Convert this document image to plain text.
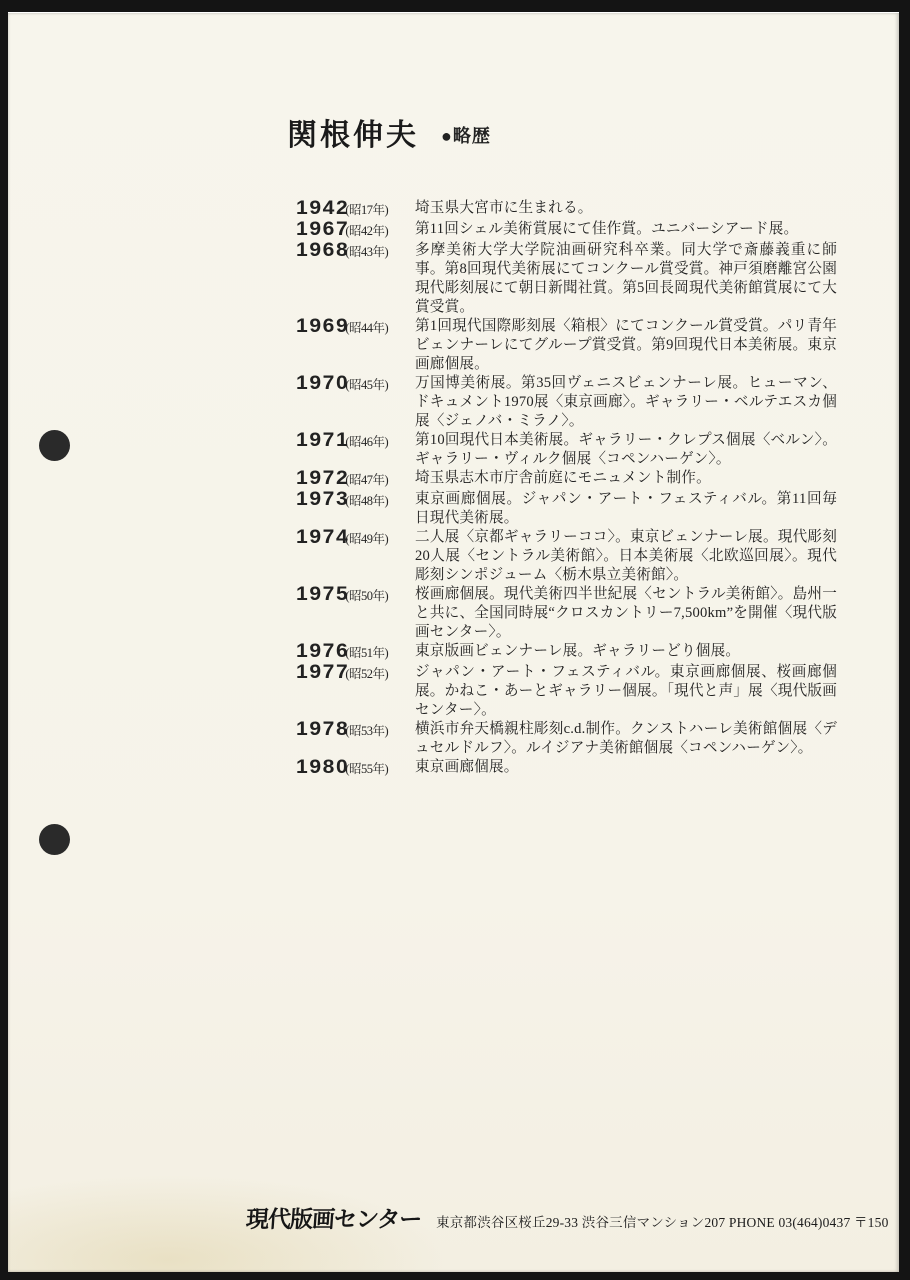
関根伸夫 ●略歴
1942(昭17年)	埼玉県大宮市に生まれる。
1967(昭42年)	第11回シェル美術賞展にて佳作賞。ユニバーシアード展。
1968(昭43年)	多摩美術大学大学院油画研究科卒業。同大学で斎藤義重に師事。第8回現代美術展にてコンクール賞受賞。神戸須磨離宮公園現代彫刻展にて朝日新聞社賞。第5回長岡現代美術館賞展にて大賞受賞。
1969(昭44年)	第1回現代国際彫刻展〈箱根〉にてコンクール賞受賞。パリ青年ビェンナーレにてグループ賞受賞。第9回現代日本美術展。東京画廊個展。
1970(昭45年)	万国博美術展。第35回ヴェニスビェンナーレ展。ヒューマン、ドキュメント1970展〈東京画廊〉。ギャラリー・ベルテエスカ個展〈ジェノバ・ミラノ〉。
1971(昭46年)	第10回現代日本美術展。ギャラリー・クレプス個展〈ベルン〉。ギャラリー・ヴィルク個展〈コペンハーゲン〉。
1972(昭47年)	埼玉県志木市庁舎前庭にモニュメント制作。
1973(昭48年)	東京画廊個展。ジャパン・アート・フェスティバル。第11回毎日現代美術展。
1974(昭49年)	二人展〈京都ギャラリーココ〉。東京ビェンナーレ展。現代彫刻20人展〈セントラル美術館〉。日本美術展〈北欧巡回展〉。現代彫刻シンポジューム〈栃木県立美術館〉。
1975(昭50年)	桜画廊個展。現代美術四半世紀展〈セントラル美術館〉。島州一と共に、全国同時展“クロスカントリー7,500km”を開催〈現代版画センター〉。
1976(昭51年)	東京版画ビェンナーレ展。ギャラリーどり個展。
1977(昭52年)	ジャパン・アート・フェスティバル。東京画廊個展、桜画廊個展。かねこ・あーとギャラリー個展。「現代と声」展〈現代版画センター〉。
1978(昭53年)	横浜市弁天橋親柱彫刻c.d.制作。クンストハーレ美術館個展〈デュセルドルフ〉。ルイジアナ美術館個展〈コペンハーゲン〉。
1980(昭55年)	東京画廊個展。
現代版画センター 東京都渋谷区桜丘29-33 渋谷三信マンション207 PHONE 03(464)0437 〒150
